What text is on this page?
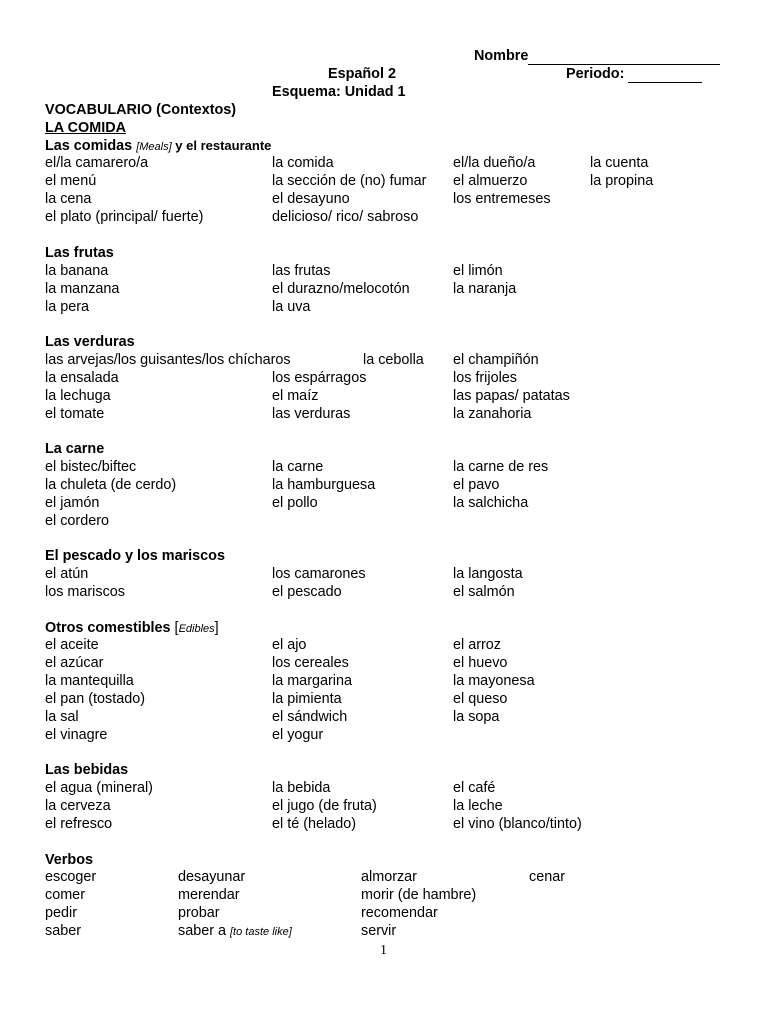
Nombre
Español 2	Periodo:
Esquema: Unidad 1
VOCABULARIO (Contextos)
LA COMIDA
Las comidas [Meals] y el restaurante
el/la camarero/a
el menú
la cena
el plato (principal/ fuerte)
la comida
la sección de (no) fumar
el desayuno
delicioso/ rico/ sabroso
el/la dueño/a
el almuerzo
los entremeses
la cuenta
la propina
Las frutas
la banana
la manzana
la pera
las frutas
el durazno/melocotón
la uva
el limón
la naranja
Las verduras
las arvejas/los guisantes/los chícharos	la cebolla el champiñón
la ensalada
la lechuga
el tomate
los espárragos
el maíz
las verduras
los frijoles
las papas/ patatas
la zanahoria
La carne
el bistec/biftec
la chuleta (de cerdo)
el jamón
el cordero
la carne
la hamburguesa
el pollo
la carne de res
el pavo
la salchicha
El pescado y los mariscos
el atún
los mariscos
los camarones
el pescado
la langosta
el salmón
Otros comestibles [Edibles]
el aceite
el azúcar
la mantequilla
el pan (tostado)
la sal
el vinagre
el ajo
los cereales
la margarina
la pimienta
el sándwich
el yogur
el arroz
el huevo
la mayonesa
el queso
la sopa
Las bebidas
el agua (mineral)
la cerveza
el refresco
la bebida
el jugo (de fruta)
el té (helado)
el café
la leche
el vino (blanco/tinto)
Verbos
escoger
comer
pedir
saber
desayunar
merendar
probar
saber a [to taste like]
almorzar
morir (de hambre)
recomendar
servir
cenar
1
